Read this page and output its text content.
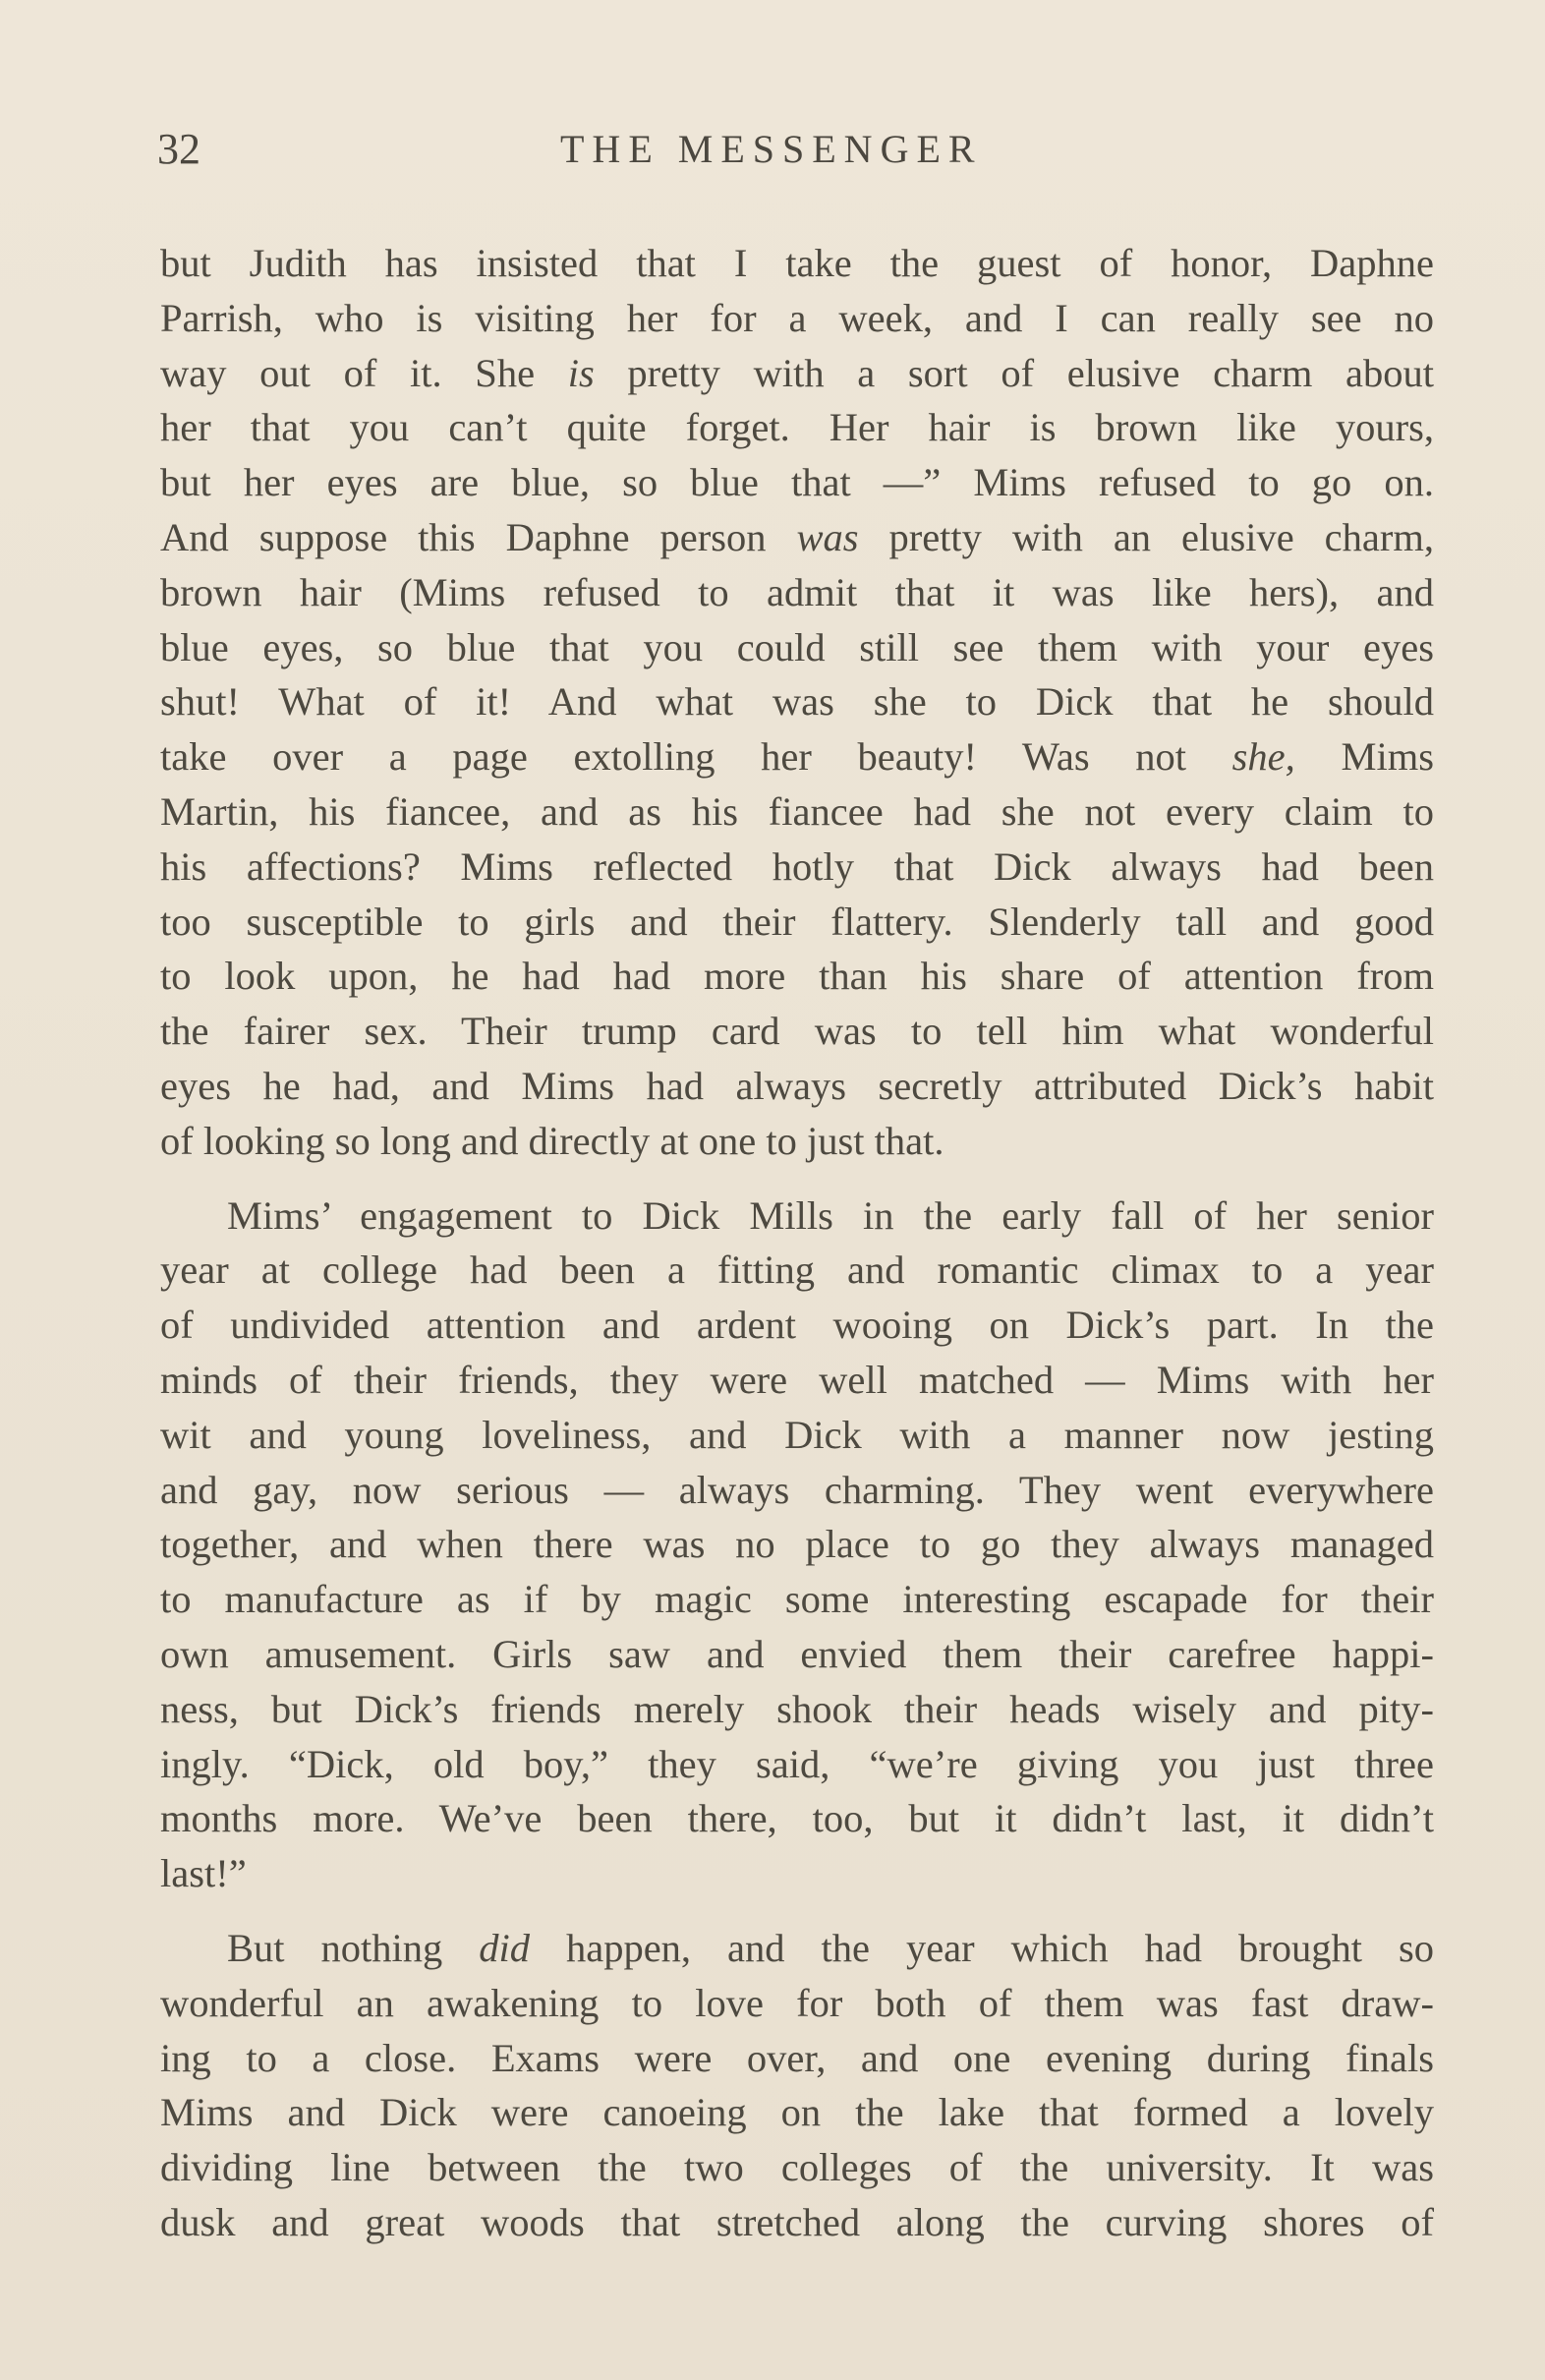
32	THE MESSENGER
but Judith has insisted that I take the guest of honor, Daphne
Parrish, who is visiting her for a week, and I can really see no
way out of it. She is pretty with a sort of elusive charm about
her that you can’t quite forget. Her hair is brown like yours,
but her eyes are blue, so blue that —” Mims refused to go on.
And suppose this Daphne person was pretty with an elusive charm,
brown hair (Mims refused to admit that it was like hers), and
blue eyes, so blue that you could still see them with your eyes
shut! What of it! And what was she to Dick that he should
take over a page extolling her beauty! Was not she, Mims
Martin, his fiancee, and as his fiancee had she not every claim to
his affections? Mims reflected hotly that Dick always had been
too susceptible to girls and their flattery. Slenderly tall and good
to look upon, he had had more than his share of attention from
the fairer sex. Their trump card was to tell him what wonderful
eyes he had, and Mims had always secretly attributed Dick’s habit
of looking so long and directly at one to just that.
Mims’ engagement to Dick Mills in the early fall of her senior
year at college had been a fitting and romantic climax to a year
of undivided attention and ardent wooing on Dick’s part. In the
minds of their friends, they were well matched — Mims with her
wit and young loveliness, and Dick with a manner now jesting
and gay, now serious — always charming. They went everywhere
together, and when there was no place to go they always managed
to manufacture as if by magic some interesting escapade for their
own amusement. Girls saw and envied them their carefree happi-
ness, but Dick’s friends merely shook their heads wisely and pity-
ingly. “Dick, old boy,” they said, “we’re giving you just three
months more. We’ve been there, too, but it didn’t last, it didn’t
last!”
But nothing did happen, and the year which had brought so
wonderful an awakening to love for both of them was fast draw-
ing to a close. Exams were over, and one evening during finals
Mims and Dick were canoeing on the lake that formed a lovely
dividing line between the two colleges of the university. It was
dusk and great woods that stretched along the curving shores of
